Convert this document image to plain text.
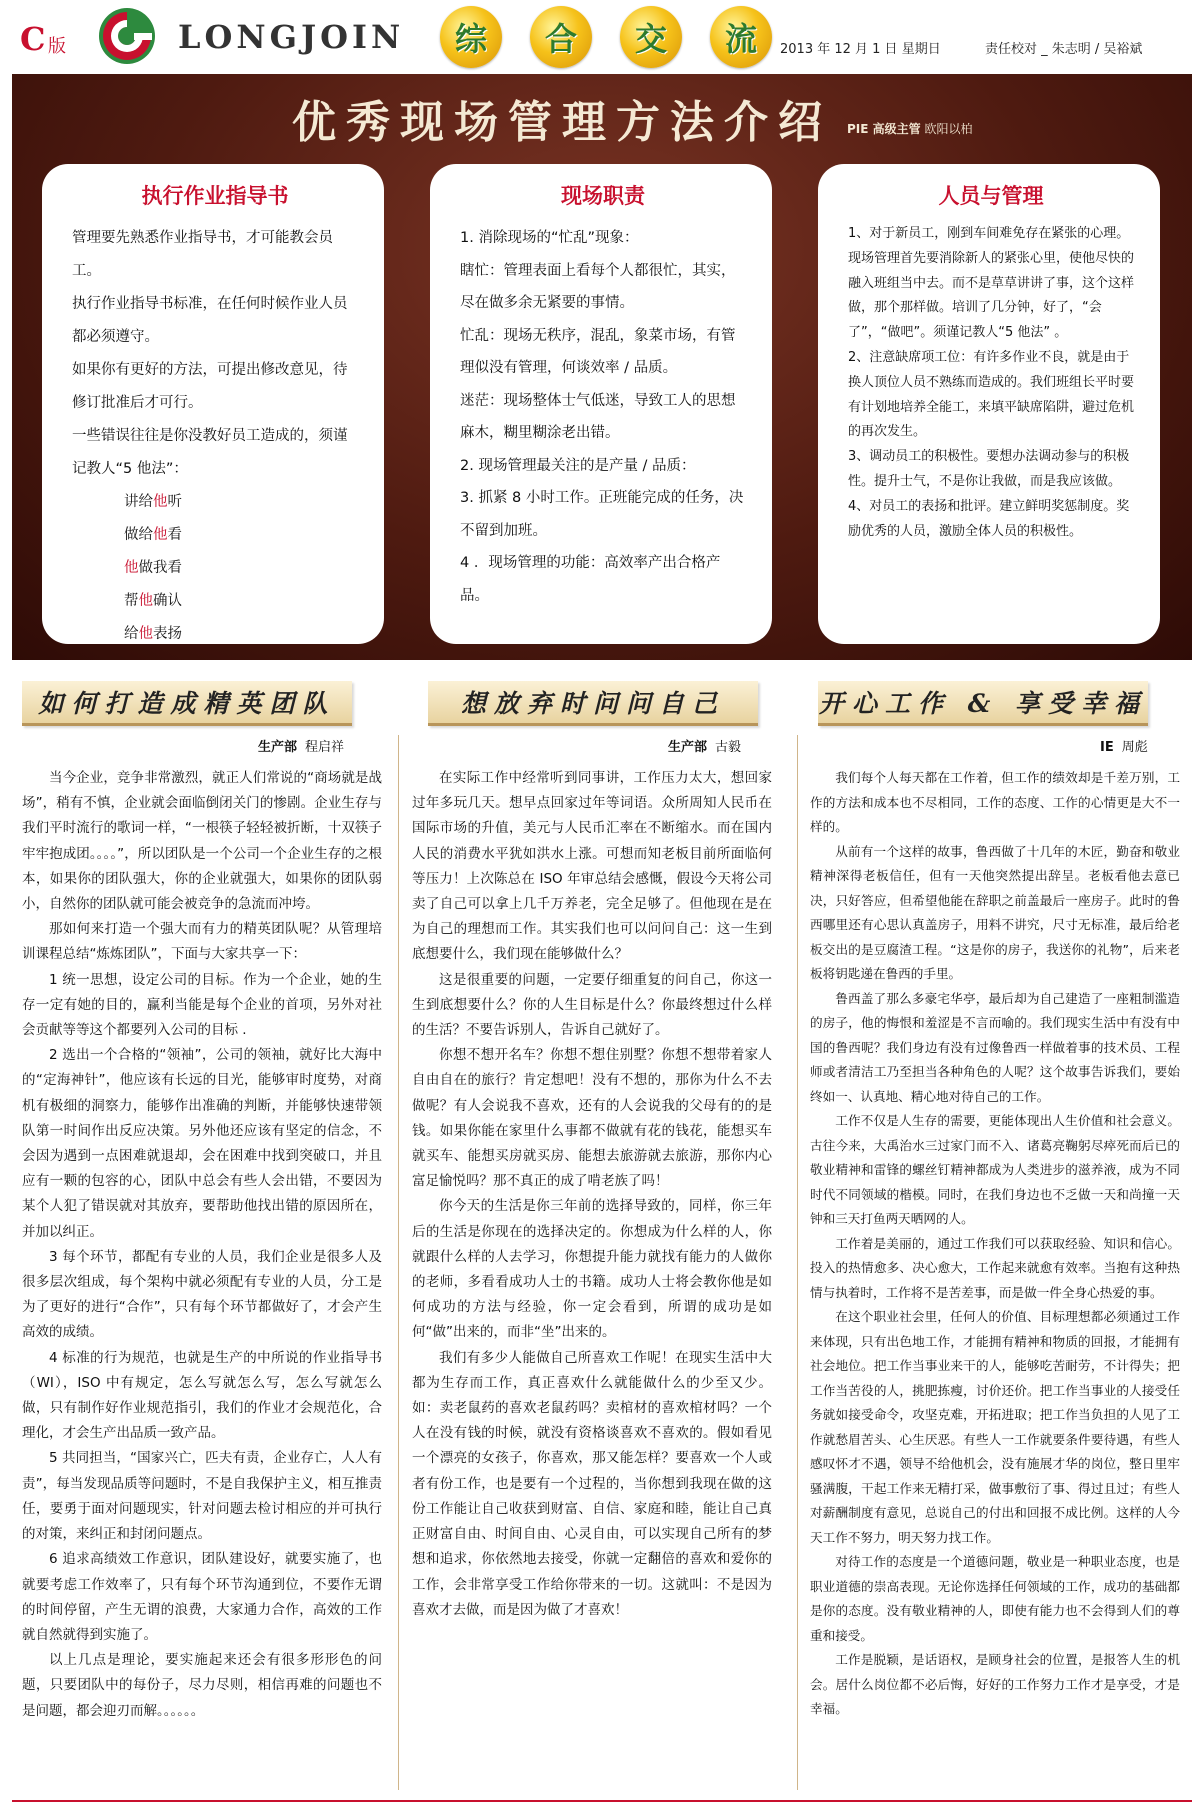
C 版	LONGJOIN 综 合 交 流 2013 年 12 月 1 日 星期日	责任校对 _ 朱志明 / 吴裕斌
优秀现场管理方法介绍	PIE 高级主管 欧阳以柏
执行作业指导书

管理要先熟悉作业指导书，才可能教会员工。

执行作业指导书标准，在任何时候作业人员都必须遵守。

如果你有更好的方法，可提出修改意见，待修订批准后才可行。

一些错误往往是你没教好员工造成的，须谨记教人“5 他法”：

讲给他听

做给他看

他做我看

帮他确认

给他表扬

现场职责

1. 消除现场的“忙乱”现象：

瞎忙：管理表面上看每个人都很忙，其实，尽在做多余无紧要的事情。

忙乱：现场无秩序，混乱，象菜市场，有管理似没有管理，何谈效率 / 品质。

迷茫：现场整体士气低迷，导致工人的思想麻木，糊里糊涂老出错。

2. 现场管理最关注的是产量 / 品质：

3. 抓紧 8 小时工作。正班能完成的任务，决不留到加班。

4 ．现场管理的功能：高效率产出合格产品。

人员与管理

1、对于新员工，刚到车间难免存在紧张的心理。现场管理首先要消除新人的紧张心里，使他尽快的融入班组当中去。而不是草草讲讲了事，这个这样做，那个那样做。培训了几分钟，好了，“会了”，“做吧”。须谨记教人“5 他法” 。

2、注意缺席项工位：有许多作业不良，就是由于换人顶位人员不熟练而造成的。我们班组长平时要有计划地培养全能工，来填平缺席陷阱，避过危机的再次发生。

3、调动员工的积极性。要想办法调动参与的积极性。提升士气，不是你让我做，而是我应该做。

4、对员工的表扬和批评。建立鲜明奖惩制度。奖励优秀的人员，激励全体人员的积极性。

如何打造成精英团队	想放弃时问问自己	开心工作 & 享受幸福
生产部 程启祥	生产部 古毅	IE 周彪

当今企业，竞争非常激烈，就正人们常说的“商场就是战场”，稍有不慎，企业就会面临倒闭关门的惨剧。企业生存与我们平时流行的歌词一样，“一根筷子轻轻被折断，十双筷子牢牢抱成团。。。。”，所以团队是一个公司一个企业生存的之根本，如果你的团队强大，你的企业就强大，如果你的团队弱小，自然你的团队就可能会被竞争的急流而冲垮。

那如何来打造一个强大而有力的精英团队呢？从管理培训课程总结“炼炼团队”，下面与大家共享一下：

1 统一思想，设定公司的目标。作为一个企业，她的生存一定有她的目的，赢利当能是每个企业的首项，另外对社会贡献等等这个都要列入公司的目标 .

2 选出一个合格的“领袖”，公司的领袖，就好比大海中的“定海神针”，他应该有长远的目光，能够审时度势，对商机有极细的洞察力，能够作出准确的判断，并能够快速带领队第一时间作出反应决策。另外他还应该有坚定的信念，不会因为遇到一点困难就退却，会在困难中找到突破口，并且应有一颗的包容的心，团队中总会有些人会出错，不要因为某个人犯了错误就对其放弃，要帮助他找出错的原因所在，并加以纠正。

3 每个环节，都配有专业的人员，我们企业是很多人及很多层次组成，每个架构中就必须配有专业的人员，分工是为了更好的进行“合作”，只有每个环节都做好了，才会产生高效的成绩。

4 标准的行为规范，也就是生产的中所说的作业指导书（WI），ISO 中有规定，怎么写就怎么写，怎么写就怎么做，只有制作好作业规范指引，我们的作业才会规范化，合理化，才会生产出品质一致产品。

5 共同担当，“国家兴亡，匹夫有责，企业存亡，人人有责”，每当发现品质等问题时，不是自我保护主义，相互推责任，要勇于面对问题现实，针对问题去检讨相应的并可执行的对策，来纠正和封闭问题点。

6 追求高绩效工作意识，团队建设好，就要实施了，也就要考虑工作效率了，只有每个环节沟通到位，不要作无谓的时间停留，产生无谓的浪费，大家通力合作，高效的工作就自然就得到实施了。

以上几点是理论，要实施起来还会有很多形形色的问题，只要团队中的每份子，尽力尽则，相信再难的问题也不是问题，都会迎刃而解。。。。。。

在实际工作中经常听到同事讲，工作压力太大，想回家过年多玩几天。想早点回家过年等词语。众所周知人民币在国际市场的升值，美元与人民币汇率在不断缩水。而在国内人民的消费水平犹如洪水上涨。可想而知老板目前所面临何等压力！上次陈总在 ISO 年审总结会感慨，假设今天将公司卖了自己可以拿上几千万养老，完全足够了。但他现在是在为自己的理想而工作。其实我们也可以问问自己：这一生到底想要什么，我们现在能够做什么？

这是很重要的问题，一定要仔细重复的问自己，你这一生到底想要什么？你的人生目标是什么？你最终想过什么样的生活？不要告诉别人，告诉自己就好了。

你想不想开名车？你想不想住别墅？你想不想带着家人自由自在的旅行？肯定想吧！没有不想的，那你为什么不去做呢？有人会说我不喜欢，还有的人会说我的父母有的的是钱。如果你能在家里什么事都不做就有花的钱花，能想买车就买车、能想买房就买房、能想去旅游就去旅游，那你内心富足愉悦吗？那不真正的成了啃老族了吗！

你今天的生活是你三年前的选择导致的，同样，你三年后的生活是你现在的选择决定的。你想成为什么样的人，你就跟什么样的人去学习，你想提升能力就找有能力的人做你的老师，多看看成功人士的书籍。成功人士将会教你他是如何成功的方法与经验，你一定会看到，所谓的成功是如何“做”出来的，而非“坐”出来的。

我们有多少人能做自己所喜欢工作呢！在现实生活中大都为生存而工作，真正喜欢什么就能做什么的少至又少。如：卖老鼠药的喜欢老鼠药吗？卖棺材的喜欢棺材吗？一个人在没有钱的时候，就没有资格谈喜欢不喜欢的。假如看见一个漂亮的女孩子，你喜欢，那又能怎样？要喜欢一个人或者有份工作，也是要有一个过程的，当你想到我现在做的这份工作能让自己收获到财富、自信、家庭和睦，能让自己真正财富自由、时间自由、心灵自由，可以实现自己所有的梦想和追求，你依然地去接受，你就一定翻倍的喜欢和爱你的工作，会非常享受工作给你带来的一切。这就叫：不是因为喜欢才去做，而是因为做了才喜欢！

我们每个人每天都在工作着，但工作的绩效却是千差万别，工作的方法和成本也不尽相同，工作的态度、工作的心情更是大不一样的。

从前有一个这样的故事，鲁西做了十几年的木匠，勤奋和敬业精神深得老板信任，但有一天他突然提出辞呈。老板看他去意已决，只好答应，但希望他能在辞职之前盖最后一座房子。此时的鲁西哪里还有心思认真盖房子，用料不讲究，尺寸无标准，最后给老板交出的是豆腐渣工程。“这是你的房子，我送你的礼物”，后来老板将钥匙递在鲁西的手里。

鲁西盖了那么多豪宅华亭，最后却为自己建造了一座粗制滥造的房子，他的悔恨和羞涩是不言而喻的。我们现实生活中有没有中国的鲁西呢？我们身边有没有过像鲁西一样做着事的技术员、工程师或者清洁工乃至担当各种角色的人呢？这个故事告诉我们，要始终如一、认真地、精心地对待自己的工作。

工作不仅是人生存的需要，更能体现出人生价值和社会意义。古往今来，大禹治水三过家门而不入、诸葛亮鞠躬尽瘁死而后已的敬业精神和雷锋的螺丝钉精神都成为人类进步的滋养液，成为不同时代不同领域的楷模。同时，在我们身边也不乏做一天和尚撞一天钟和三天打鱼两天晒网的人。

工作着是美丽的，通过工作我们可以获取经验、知识和信心。投入的热情愈多、决心愈大，工作起来就愈有效率。当抱有这种热情与执着时，工作将不是苦差事，而是做一件全身心热爱的事。

在这个职业社会里，任何人的价值、目标理想都必须通过工作来体现，只有出色地工作，才能拥有精神和物质的回报，才能拥有社会地位。把工作当事业来干的人，能够吃苦耐劳，不计得失；把工作当苦役的人，挑肥拣瘦，讨价还价。把工作当事业的人接受任务就如接受命令，攻坚克难，开拓进取；把工作当负担的人见了工作就愁眉苦头、心生厌恶。有些人一工作就要条件要待遇，有些人感叹怀才不遇，领导不给他机会，没有施展才华的岗位，整日里牢骚满腹，干起工作来无精打采，做事敷衍了事、得过且过；有些人对薪酬制度有意见，总说自己的付出和回报不成比例。这样的人今天工作不努力，明天努力找工作。

对待工作的态度是一个道德问题，敬业是一种职业态度，也是职业道德的崇高表现。无论你选择任何领域的工作，成功的基础都是你的态度。没有敬业精神的人，即使有能力也不会得到人们的尊重和接受。

工作是脱颖，是话语权，是顾身社会的位置，是报答人生的机会。居什么岗位都不必后悔，好好的工作努力工作才是享受，才是幸福。
